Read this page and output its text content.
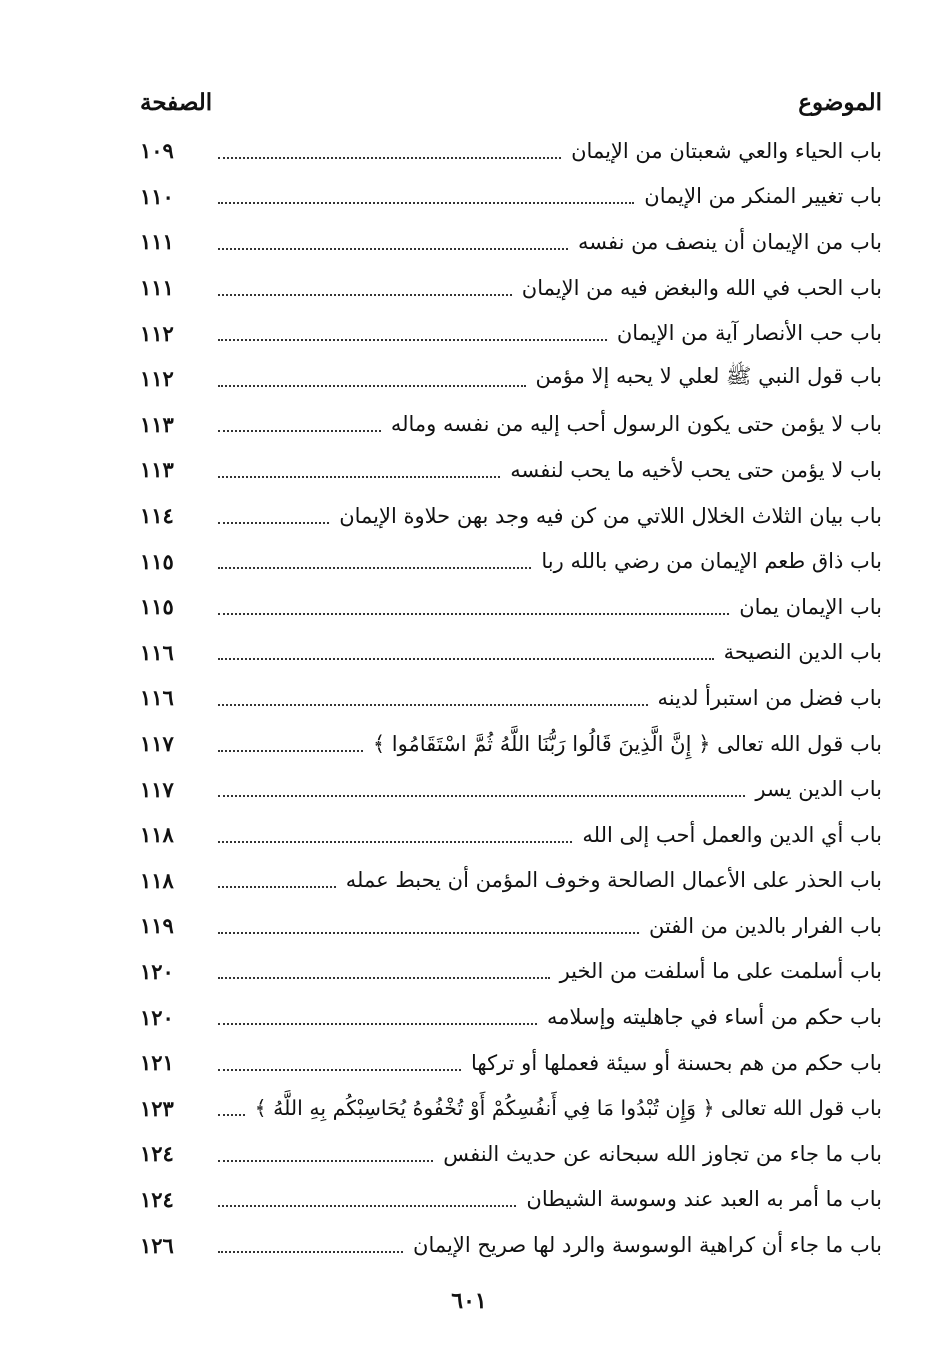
الموضوع
الصفحة
باب الحياء والعي شعبتان من الإيمان
١٠٩
باب تغيير المنكر من الإيمان
١١٠
باب من الإيمان أن ينصف من نفسه
١١١
باب الحب في الله والبغض فيه من الإيمان
١١١
باب حب الأنصار آية من الإيمان
١١٢
باب قول النبي ﷺ لعلي لا يحبه إلا مؤمن
١١٢
باب لا يؤمن حتى يكون الرسول أحب إليه من نفسه وماله
١١٣
باب لا يؤمن حتى يحب لأخيه ما يحب لنفسه
١١٣
باب بيان الثلاث الخلال اللاتي من كن فيه وجد بهن حلاوة الإيمان
١١٤
باب ذاق طعم الإيمان من رضي بالله ربا
١١٥
باب الإيمان يمان
١١٥
باب الدين النصيحة
١١٦
باب فضل من استبرأ لدينه
١١٦
باب قول الله تعالى ﴿ إِنَّ الَّذِينَ قَالُوا رَبُّنَا اللَّهُ ثُمَّ اسْتَقَامُوا ﴾
١١٧
باب الدين يسر
١١٧
باب أي الدين والعمل أحب إلى الله
١١٨
باب الحذر على الأعمال الصالحة وخوف المؤمن أن يحبط عمله
١١٨
باب الفرار بالدين من الفتن
١١٩
باب أسلمت على ما أسلفت من الخير
١٢٠
باب حكم من أساء في جاهليته وإسلامه
١٢٠
باب حكم من هم بحسنة أو سيئة فعملها أو تركها
١٢١
باب قول الله تعالى ﴿ وَإِن تُبْدُوا مَا فِي أَنفُسِكُمْ أَوْ تُخْفُوهُ يُحَاسِبْكُم بِهِ اللَّهُ ﴾
١٢٣
باب ما جاء من تجاوز الله سبحانه عن حديث النفس
١٢٤
باب ما أمر به العبد عند وسوسة الشيطان
١٢٤
باب ما جاء أن كراهية الوسوسة والرد لها صريح الإيمان
١٢٦
٦٠١
